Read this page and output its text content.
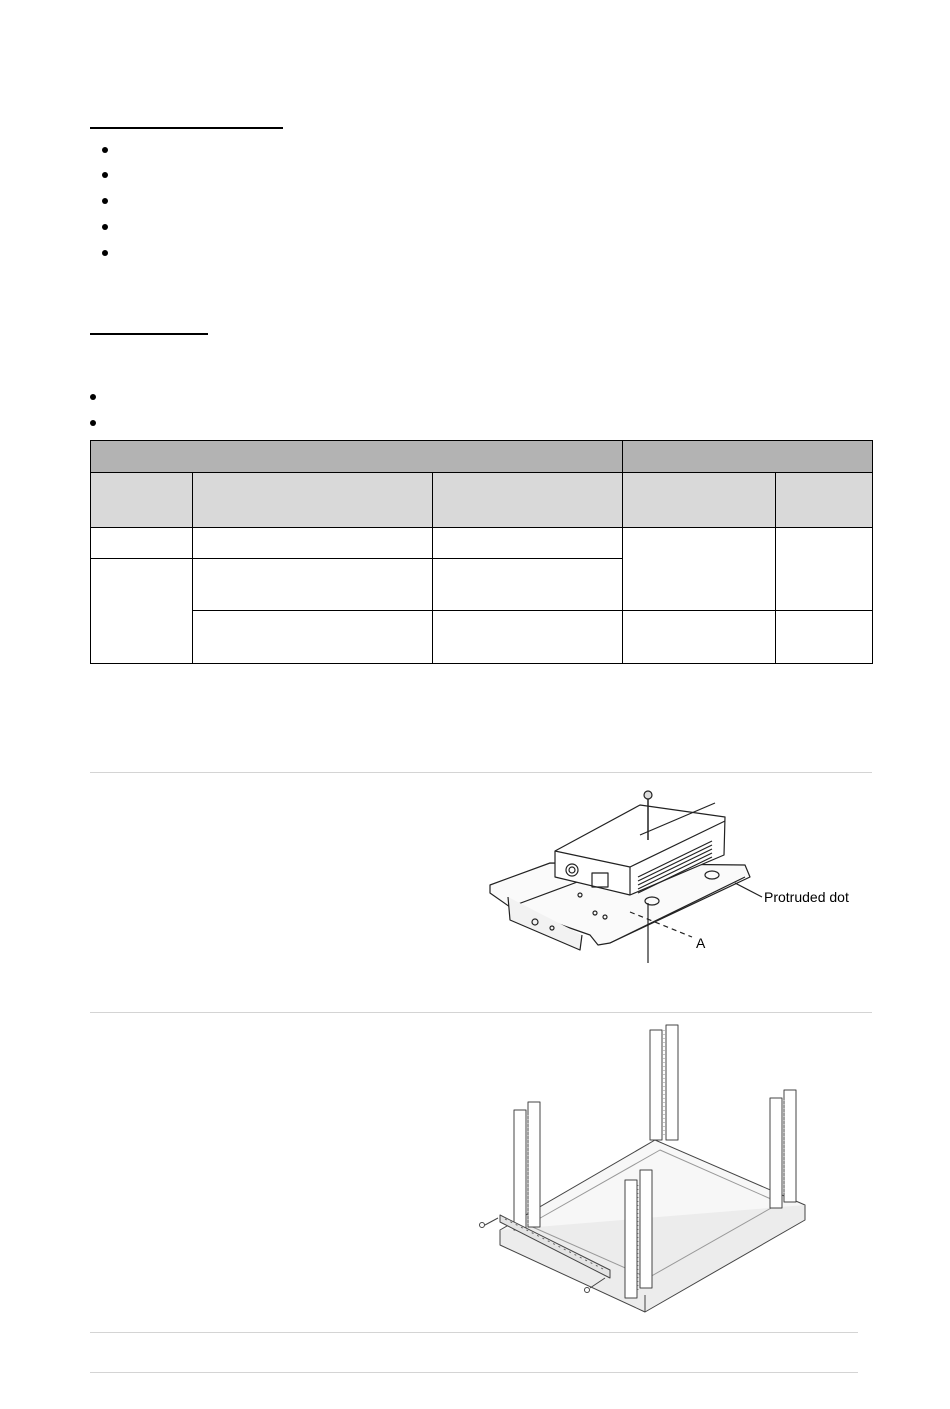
Protruded dot
A
